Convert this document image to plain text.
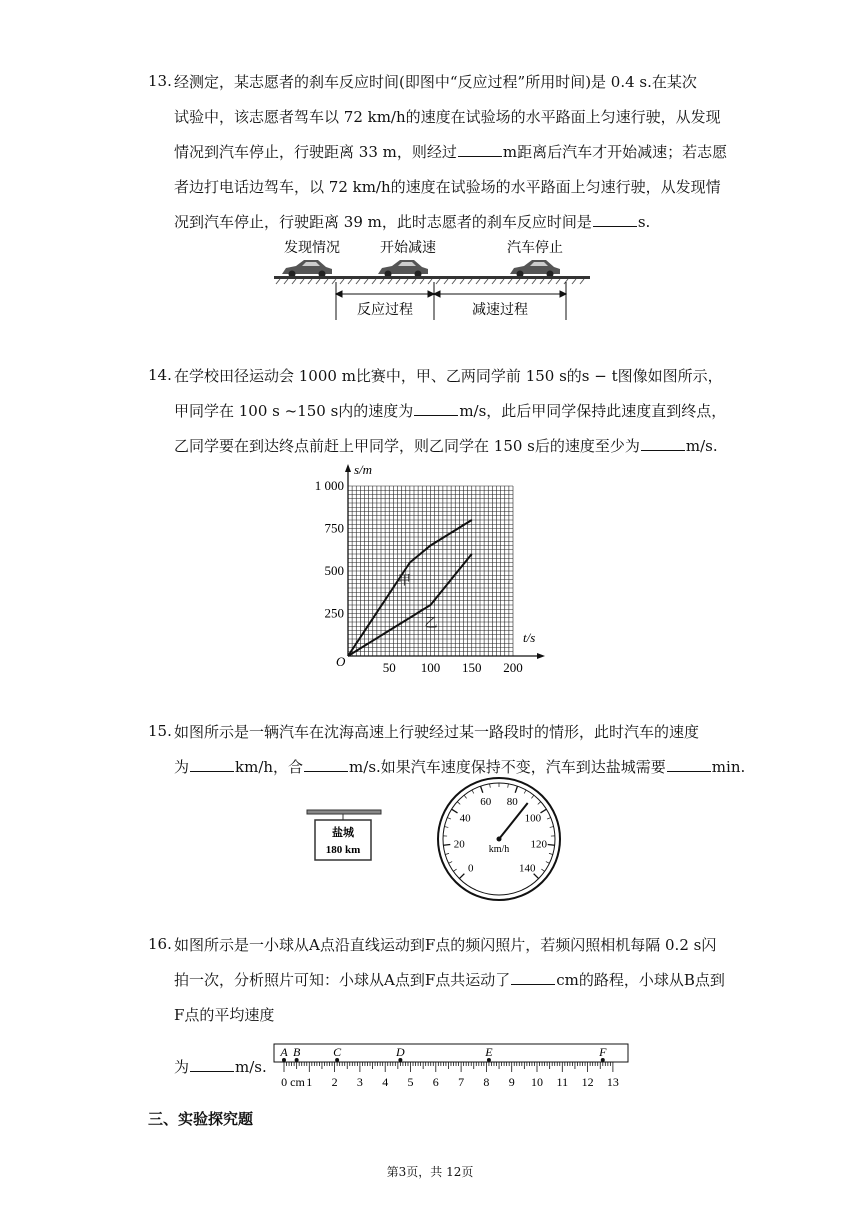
13. 经测定，某志愿者的刹车反应时间(即图中“反应过程”所用时间)是 0.4 s.在某次
试验中，该志愿者驾车以 72 km/h的速度在试验场的水平路面上匀速行驶，从发现
情况到汽车停止，行驶距离 33 m，则经过	m距离后汽车才开始减速；若志愿
者边打电话边驾车，以 72 km/h的速度在试验场的水平路面上匀速行驶，从发现情
况到汽车停止，行驶距离 39 m，此时志愿者的刹车反应时间是	s.
发现情况	开始减速	汽车停止
反应过程	减速过程
14. 在学校田径运动会 1000 m比赛中，甲、乙两同学前 150 s的s − t图像如图所示，
甲同学在 100 s ~150 s内的速度为	m/s，此后甲同学保持此速度直到终点，
乙同学要在到达终点前赶上甲同学，则乙同学在 150 s后的速度至少为	m/s.
50 100 150 200
1 000
750
500
250
O
t/s
s/m
甲
乙
15. 如图所示是一辆汽车在沈海高速上行驶经过某一路段时的情形，此时汽车的速度
为	km/h，合	m/s.如果汽车速度保持不变，汽车到达盐城需要	min.
盐城
180 km
0
20
40
60 80
100
120
140
km/h
16. 如图所示是一小球从A点沿直线运动到F点的频闪照片，若频闪照相机每隔 0.2 s闪
拍一次，分析照片可知：小球从A点到F点共运动了	cm的路程，小球从B点到
F点的平均速度
为	m/s.
A B	C	D	E	F
0 cm 1 2 3 4 5 6 7 8 9 10 11 12 13
三、实验探究题
第3页，共 12页
